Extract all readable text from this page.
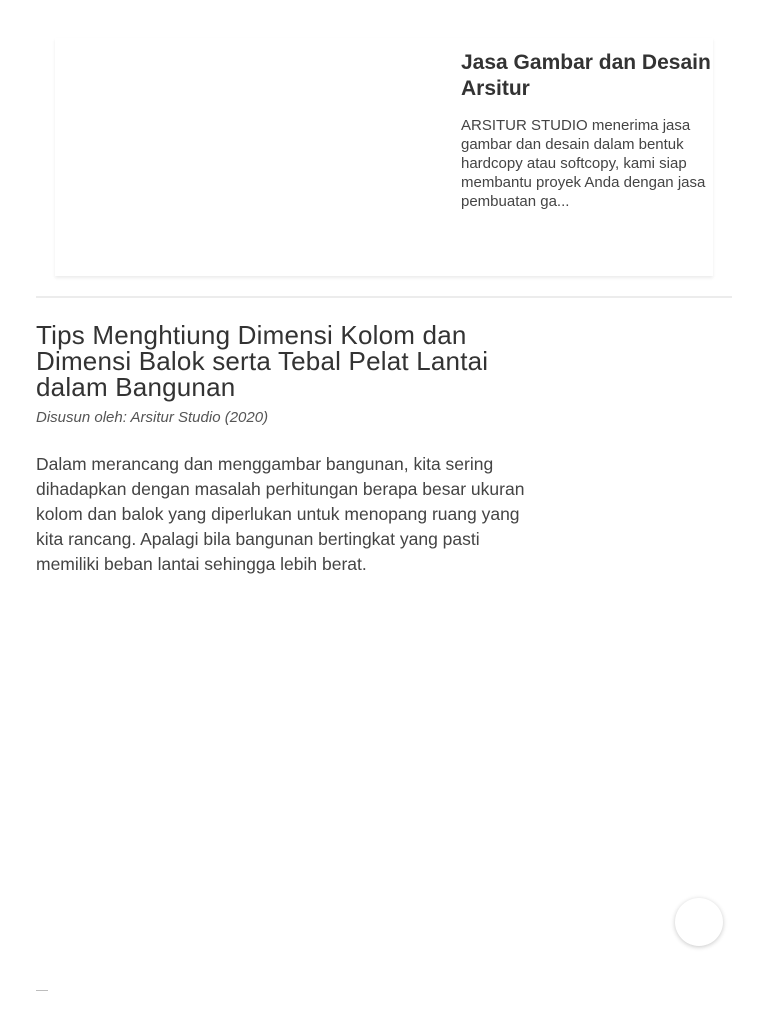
Jasa Gambar dan Desain Arsitur

ARSITUR STUDIO menerima jasa gambar dan desain dalam bentuk hardcopy atau softcopy, kami siap membantu proyek Anda dengan jasa pembuatan ga...

Tips Menghtiung Dimensi Kolom dan Dimensi Balok serta Tebal Pelat Lantai dalam Bangunan

Disusun oleh: Arsitur Studio (2020)

Dalam merancang dan menggambar bangunan, kita sering dihadapkan dengan masalah perhitungan berapa besar ukuran kolom dan balok yang diperlukan untuk menopang ruang yang kita rancang. Apalagi bila bangunan bertingkat yang pasti memiliki beban lantai sehingga lebih berat.
